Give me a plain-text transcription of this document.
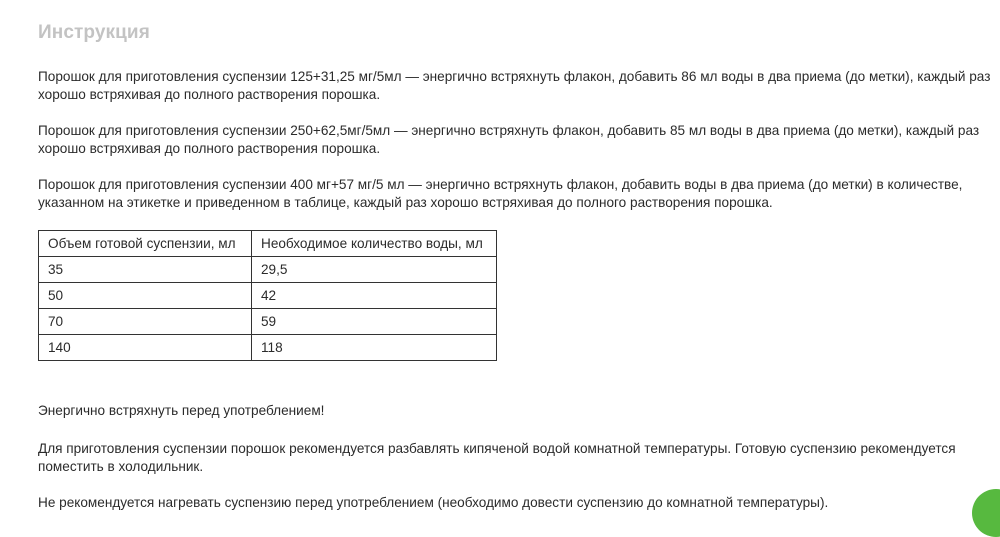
Инструкция

Порошок для приготовления суспензии 125+31,25 мг/5мл — энергично встряхнуть флакон, добавить 86 мл воды в два приема (до метки), каждый раз хорошо встряхивая до полного растворения порошка.

Порошок для приготовления суспензии 250+62,5мг/5мл — энергично встряхнуть флакон, добавить 85 мл воды в два приема (до метки), каждый раз хорошо встряхивая до полного растворения порошка.

Порошок для приготовления суспензии 400 мг+57 мг/5 мл — энергично встряхнуть флакон, добавить воды в два приема (до метки) в количестве, указанном на этикетке и приведенном в таблице, каждый раз хорошо встряхивая до полного растворения порошка.

Объем готовой суспензии, мл	Необходимое количество воды, мл
35	29,5
50	42
70	59
140	118

Энергично встряхнуть перед употреблением!

Для приготовления суспензии порошок рекомендуется разбавлять кипяченой водой комнатной температуры. Готовую суспензию рекомендуется поместить в холодильник.

Не рекомендуется нагревать суспензию перед употреблением (необходимо довести суспензию до комнатной температуры).
